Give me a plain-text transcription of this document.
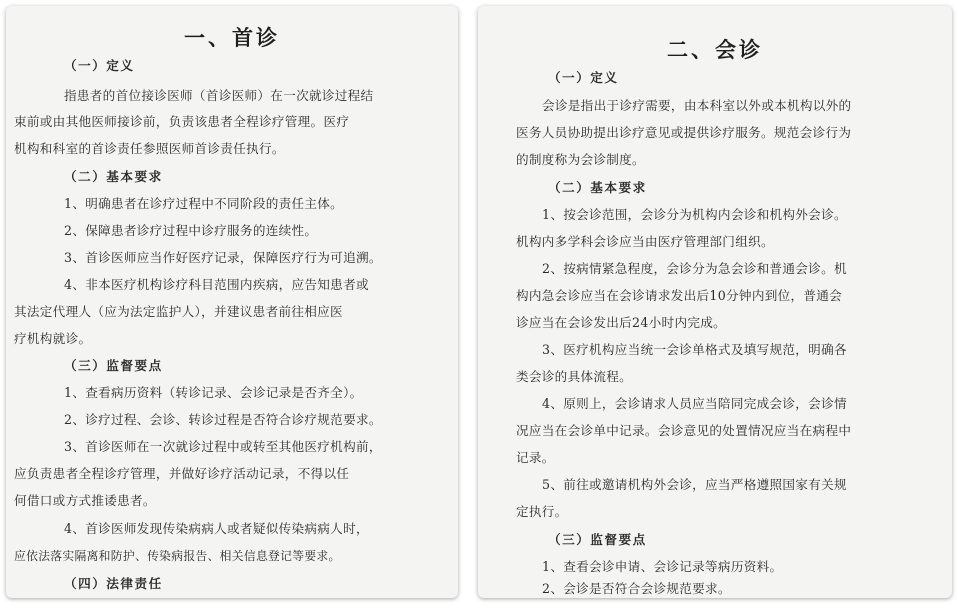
一、首诊
（一）定义
指患者的首位接诊医师（首诊医师）在一次就诊过程结
束前或由其他医师接诊前，负责该患者全程诊疗管理。医疗
机构和科室的首诊责任参照医师首诊责任执行。
（二）基本要求
1、明确患者在诊疗过程中不同阶段的责任主体。
2、保障患者诊疗过程中诊疗服务的连续性。
3、首诊医师应当作好医疗记录，保障医疗行为可追溯。
4、非本医疗机构诊疗科目范围内疾病，应告知患者或
其法定代理人（应为法定监护人），并建议患者前往相应医
疗机构就诊。
（三）监督要点
1、查看病历资料（转诊记录、会诊记录是否齐全）。
2、诊疗过程、会诊、转诊过程是否符合诊疗规范要求。
3、首诊医师在一次就诊过程中或转至其他医疗机构前，
应负责患者全程诊疗管理，并做好诊疗活动记录，不得以任
何借口或方式推诿患者。
4、首诊医师发现传染病病人或者疑似传染病病人时，
应依法落实隔离和防护、传染病报告、相关信息登记等要求。
（四）法律责任
二、会诊
（一）定义
会诊是指出于诊疗需要，由本科室以外或本机构以外的
医务人员协助提出诊疗意见或提供诊疗服务。规范会诊行为
的制度称为会诊制度。
（二）基本要求
1、按会诊范围，会诊分为机构内会诊和机构外会诊。
机构内多学科会诊应当由医疗管理部门组织。
2、按病情紧急程度，会诊分为急会诊和普通会诊。机
构内急会诊应当在会诊请求发出后10分钟内到位，普通会
诊应当在会诊发出后24小时内完成。
3、医疗机构应当统一会诊单格式及填写规范，明确各
类会诊的具体流程。
4、原则上，会诊请求人员应当陪同完成会诊，会诊情
况应当在会诊单中记录。会诊意见的处置情况应当在病程中
记录。
5、前往或邀请机构外会诊，应当严格遵照国家有关规
定执行。
（三）监督要点
1、查看会诊申请、会诊记录等病历资料。
2、会诊是否符合会诊规范要求。
